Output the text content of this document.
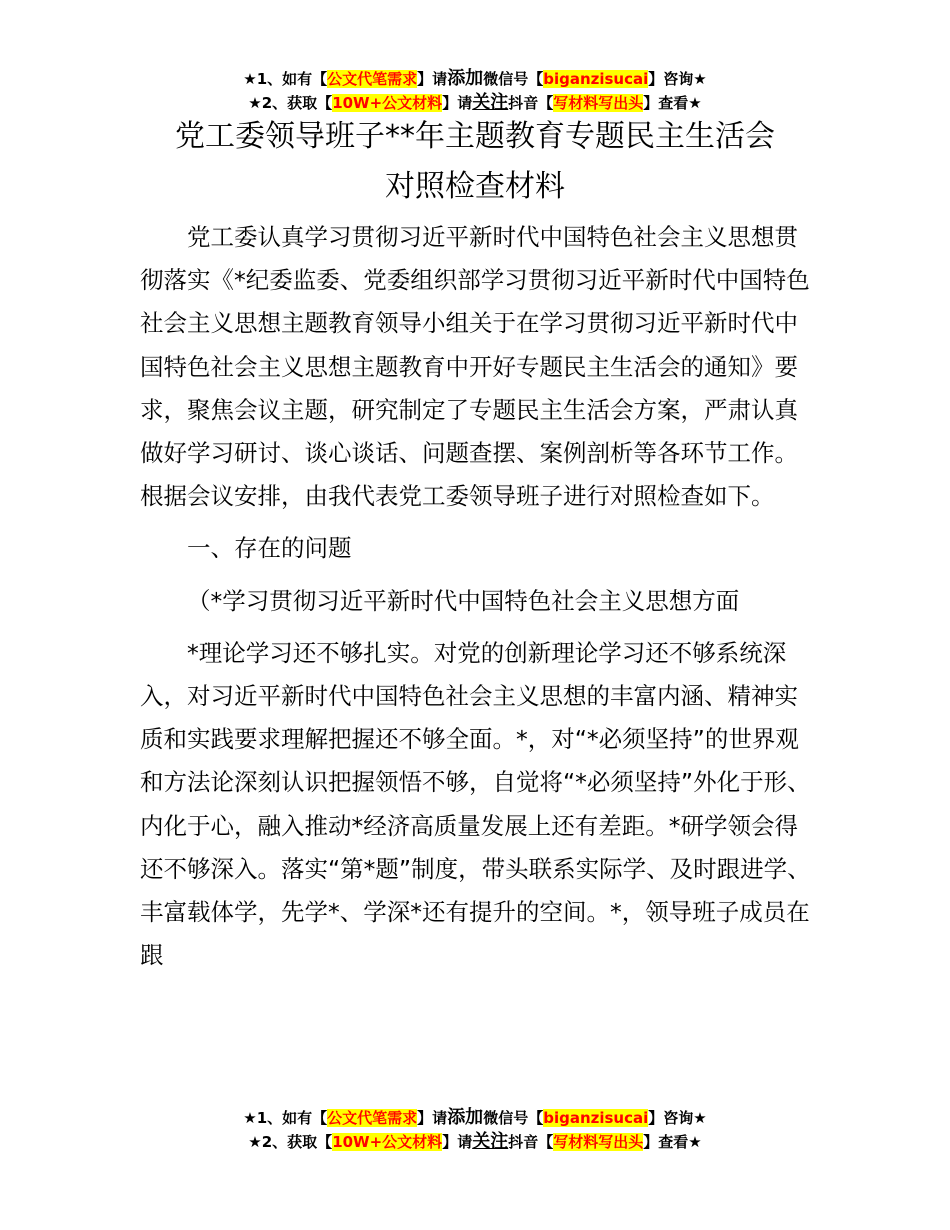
★1、如有【公文代笔需求】请添加微信号【biganzisucai】咨询★
★2、获取【10W+公文材料】请关注抖音【写材料写出头】查看★
党工委领导班子**年主题教育专题民主生活会
对照检查材料

党工委认真学习贯彻习近平新时代中国特色社会主义思想贯彻落实《*纪委监委、党委组织部学习贯彻习近平新时代中国特色社会主义思想主题教育领导小组关于在学习贯彻习近平新时代中国特色社会主义思想主题教育中开好专题民主生活会的通知》要求，聚焦会议主题，研究制定了专题民主生活会方案，严肃认真做好学习研讨、谈心谈话、问题查摆、案例剖析等各环节工作。根据会议安排，由我代表党工委领导班子进行对照检查如下。

一、存在的问题

（*学习贯彻习近平新时代中国特色社会主义思想方面

*理论学习还不够扎实。对党的创新理论学习还不够系统深入，对习近平新时代中国特色社会主义思想的丰富内涵、精神实质和实践要求理解把握还不够全面。*，对“*必须坚持”的世界观和方法论深刻认识把握领悟不够，自觉将“*必须坚持”外化于形、内化于心，融入推动*经济高质量发展上还有差距。*研学领会得还不够深入。落实“第*题”制度，带头联系实际学、及时跟进学、丰富载体学，先学*、学深*还有提升的空间。*，领导班子成员在跟

★1、如有【公文代笔需求】请添加微信号【biganzisucai】咨询★
★2、获取【10W+公文材料】请关注抖音【写材料写出头】查看★
